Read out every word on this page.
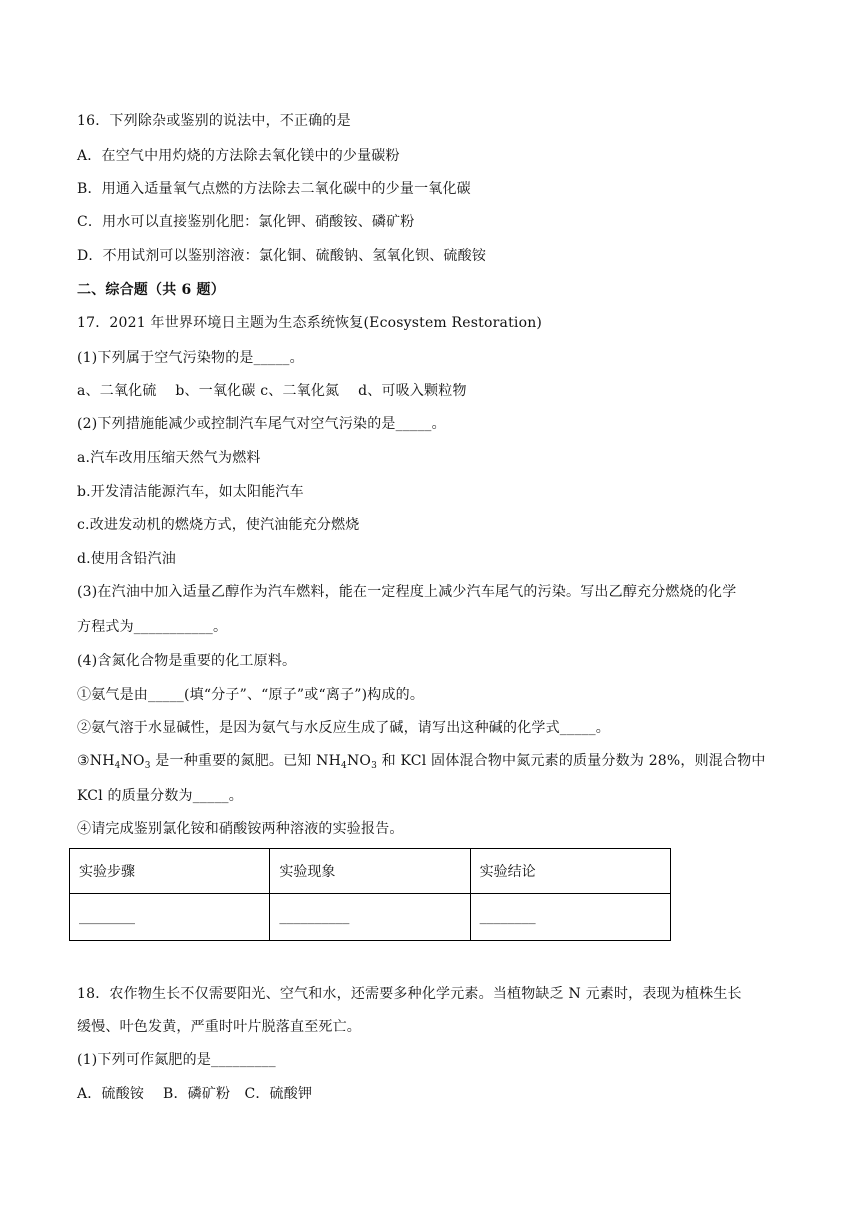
16．下列除杂或鉴别的说法中，不正确的是
A．在空气中用灼烧的方法除去氧化镁中的少量碳粉
B．用通入适量氧气点燃的方法除去二氧化碳中的少量一氧化碳
C．用水可以直接鉴别化肥：氯化钾、硝酸铵、磷矿粉
D．不用试剂可以鉴别溶液：氯化铜、硫酸钠、氢氧化钡、硫酸铵
二、综合题（共 6 题）
17．2021 年世界环境日主题为生态系统恢复(Ecosystem Restoration)
(1)下列属于空气污染物的是_____。
a、二氧化硫　 b、一氧化碳 c、二氧化氮　 d、可吸入颗粒物
(2)下列措施能减少或控制汽车尾气对空气污染的是_____。
a.汽车改用压缩天然气为燃料
b.开发清洁能源汽车，如太阳能汽车
c.改进发动机的燃烧方式，使汽油能充分燃烧
d.使用含铅汽油
(3)在汽油中加入适量乙醇作为汽车燃料，能在一定程度上减少汽车尾气的污染。写出乙醇充分燃烧的化学
方程式为___________。
(4)含氮化合物是重要的化工原料。
①氨气是由_____(填“分子”、“原子”或“离子”)构成的。
②氨气溶于水显碱性，是因为氨气与水反应生成了碱，请写出这种碱的化学式_____。
$③NH_4NO_3$ 是一种重要的氮肥。已知 $NH_4NO_3$ 和 KCl 固体混合物中氮元素的质量分数为 28%，则混合物中
KCl 的质量分数为_____。
④请完成鉴别氯化铵和硝酸铵两种溶液的实验报告。
实验步骤	实验现象	实验结论
________	__________	________
18．农作物生长不仅需要阳光、空气和水，还需要多种化学元素。当植物缺乏 N 元素时，表现为植株生长
缓慢、叶色发黄，严重时叶片脱落直至死亡。
(1)下列可作氮肥的是_________
A．硫酸铵　 B．磷矿粉　C．硫酸钾
